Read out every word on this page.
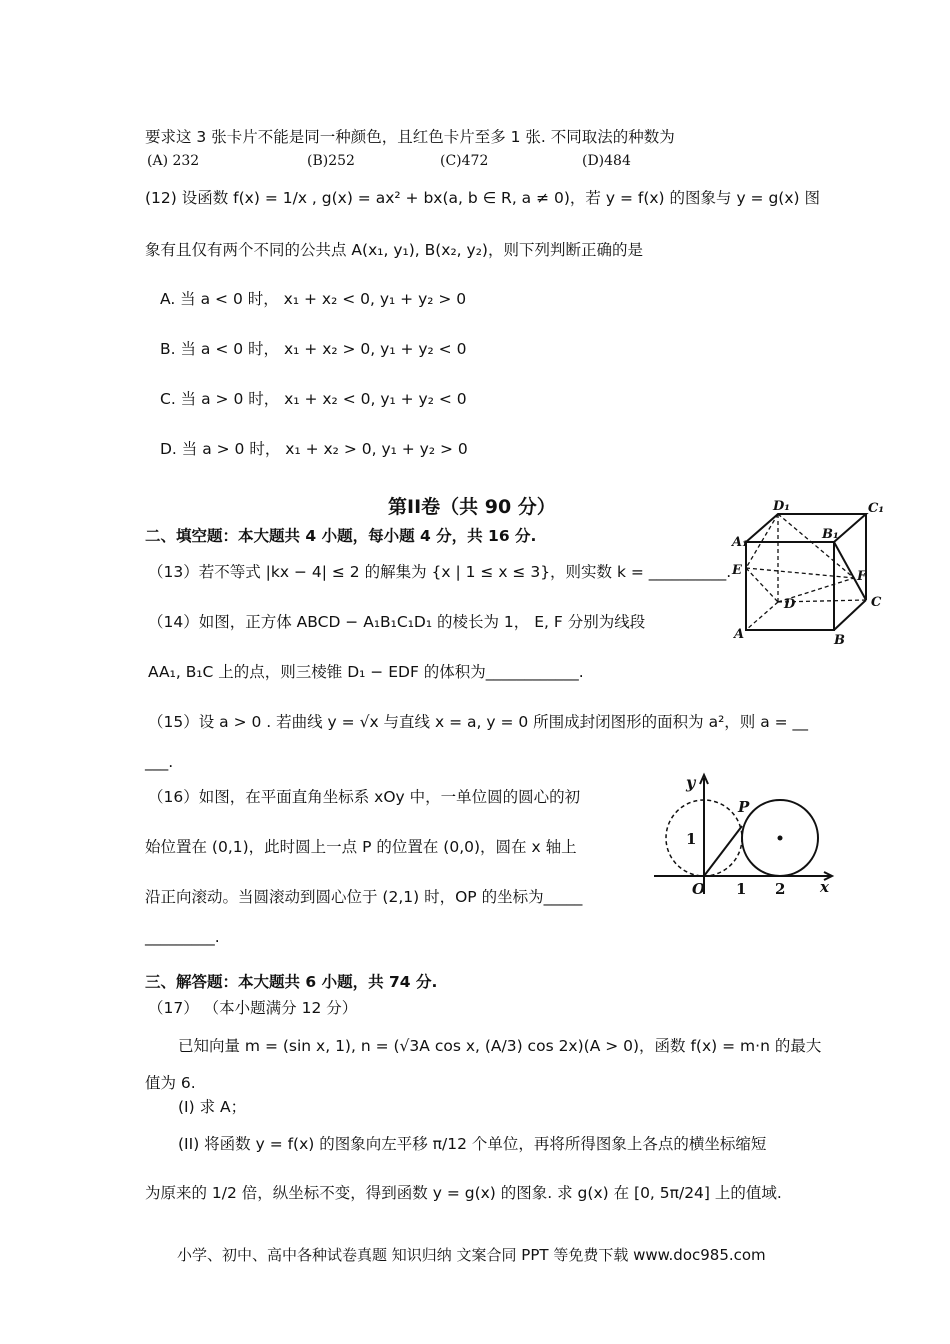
要求这 3 张卡片不能是同一种颜色，且红色卡片至多 1 张. 不同取法的种数为
(A) 232	(B)252	(C)472	(D)484
(12) 设函数 f(x) = 1/x , g(x) = ax² + bx(a, b ∈ R, a ≠ 0)，若 y = f(x) 的图象与 y = g(x) 图
象有且仅有两个不同的公共点 A(x₁, y₁), B(x₂, y₂)，则下列判断正确的是
A. 当 a < 0 时， x₁ + x₂ < 0, y₁ + y₂ > 0
B. 当 a < 0 时， x₁ + x₂ > 0, y₁ + y₂ < 0
C. 当 a > 0 时， x₁ + x₂ < 0, y₁ + y₂ < 0
D. 当 a > 0 时， x₁ + x₂ > 0, y₁ + y₂ > 0
第II卷（共 90 分）
二、填空题：本大题共 4 小题，每小题 4 分，共 16 分.
（13）若不等式 |kx − 4| ≤ 2 的解集为 {x | 1 ≤ x ≤ 3}，则实数 k = __________.
（14）如图，正方体 ABCD − A₁B₁C₁D₁ 的棱长为 1， E, F 分别为线段
AA₁, B₁C 上的点，则三棱锥 D₁ − EDF 的体积为____________.
A₁
D₁
B₁
C₁
E	F
D	C
A	B
（15）设 a > 0 . 若曲线 y = √x 与直线 x = a, y = 0 所围成封闭图形的面积为 a²，则 a = __
___.
（16）如图，在平面直角坐标系 xOy 中，一单位圆的圆心的初
始位置在 (0,1)，此时圆上一点 P 的位置在 (0,0)，圆在 x 轴上
沿正向滚动。当圆滚动到圆心位于 (2,1) 时，OP 的坐标为_____
_________.
y
x
O
P
1 2
1
三、解答题：本大题共 6 小题，共 74 分.
（17） （本小题满分 12 分）
已知向量 m = (sin x, 1), n = (√3A cos x, (A/3) cos 2x)(A > 0)，函数 f(x) = m·n 的最大
值为 6.
(I) 求 A；
(II) 将函数 y = f(x) 的图象向左平移 π/12 个单位，再将所得图象上各点的横坐标缩短
为原来的 1/2 倍，纵坐标不变，得到函数 y = g(x) 的图象. 求 g(x) 在 [0, 5π/24] 上的值域.
小学、初中、高中各种试卷真题 知识归纳 文案合同 PPT 等免费下载 www.doc985.com
